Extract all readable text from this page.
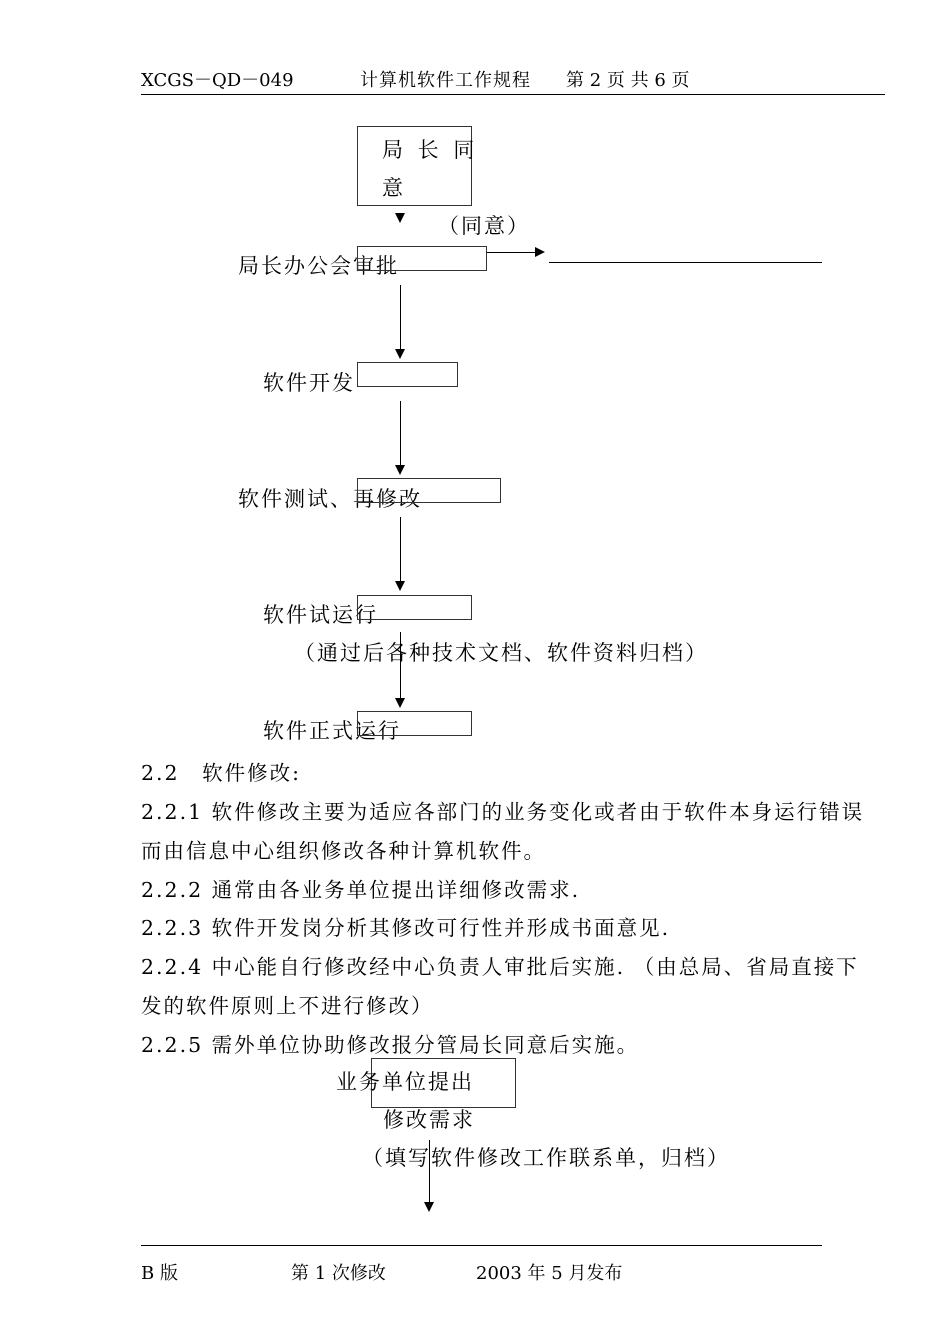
XCGS－QD－049	计算机软件工作规程 第 2 页 共 6 页
局 长 同
意
（同意）
局长办公会审批
软件开发
软件测试、再修改
软件试运行
（通过后各种技术文档、软件资料归档）
软件正式运行
2.2　软件修改:
2.2.1 软件修改主要为适应各部门的业务变化或者由于软件本身运行错误
而由信息中心组织修改各种计算机软件。
2.2.2 通常由各业务单位提出详细修改需求.
2.2.3 软件开发岗分析其修改可行性并形成书面意见.
2.2.4 中心能自行修改经中心负责人审批后实施. （由总局、省局直接下
发的软件原则上不进行修改）
2.2.5 需外单位协助修改报分管局长同意后实施。
业务单位提出
修改需求
（填写软件修改工作联系单，归档）
B 版	第 1 次修改	2003 年 5 月发布
